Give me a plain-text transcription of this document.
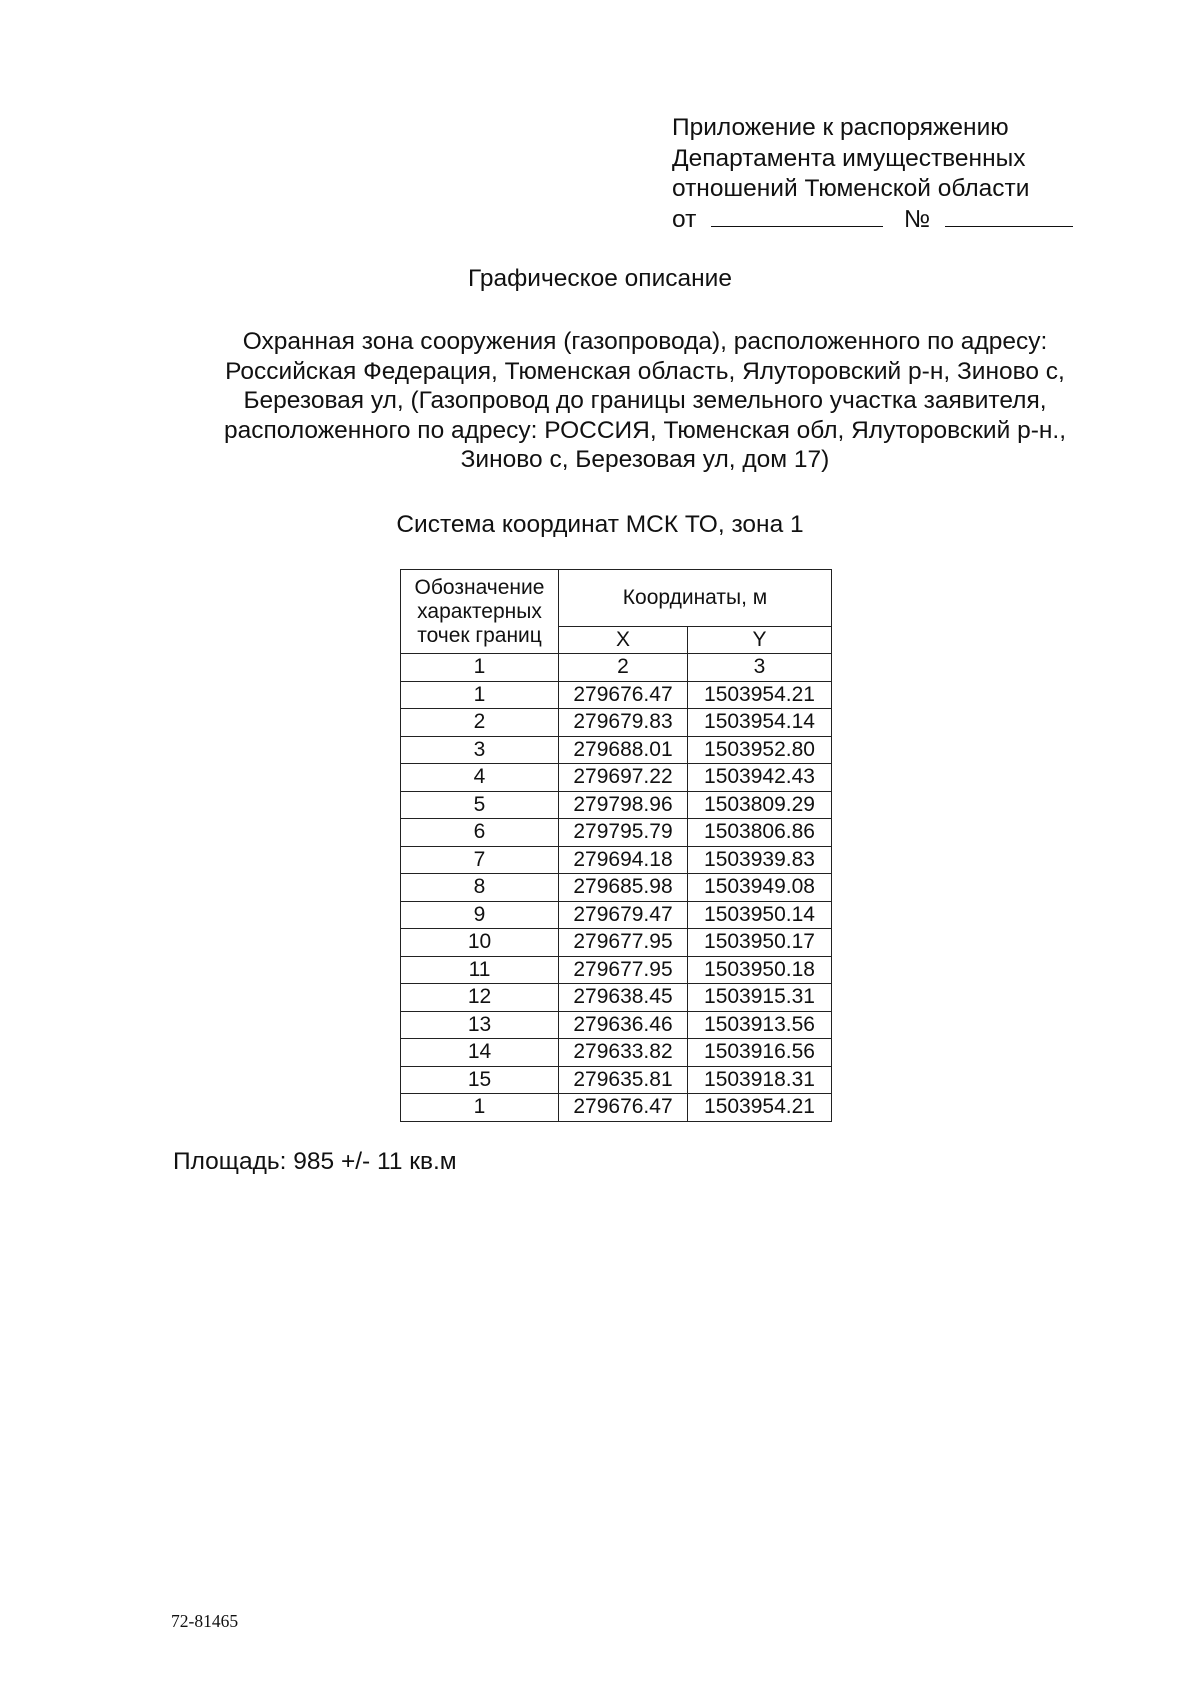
Приложение к распоряжению
Департамента имущественных
отношений Тюменской области
от	№
Графическое описание
Охранная зона сооружения (газопровода), расположенного по адресу:
Российская Федерация, Тюменская область, Ялуторовский р-н, Зиново с,
Березовая ул, (Газопровод до границы земельного участка заявителя,
расположенного по адресу: РОССИЯ, Тюменская обл, Ялуторовский р-н.,
Зиново с, Березовая ул, дом 17)
Система координат МСК ТО, зона 1
Обозначение характерных точек границ	Координаты, м	
	X	Y
1	2	3
1	279676.47	1503954.21
2	279679.83	1503954.14
3	279688.01	1503952.80
4	279697.22	1503942.43
5	279798.96	1503809.29
6	279795.79	1503806.86
7	279694.18	1503939.83
8	279685.98	1503949.08
9	279679.47	1503950.14
10	279677.95	1503950.17
11	279677.95	1503950.18
12	279638.45	1503915.31
13	279636.46	1503913.56
14	279633.82	1503916.56
15	279635.81	1503918.31
1	279676.47	1503954.21
Площадь: 985 +/- 11 кв.м
72-81465
